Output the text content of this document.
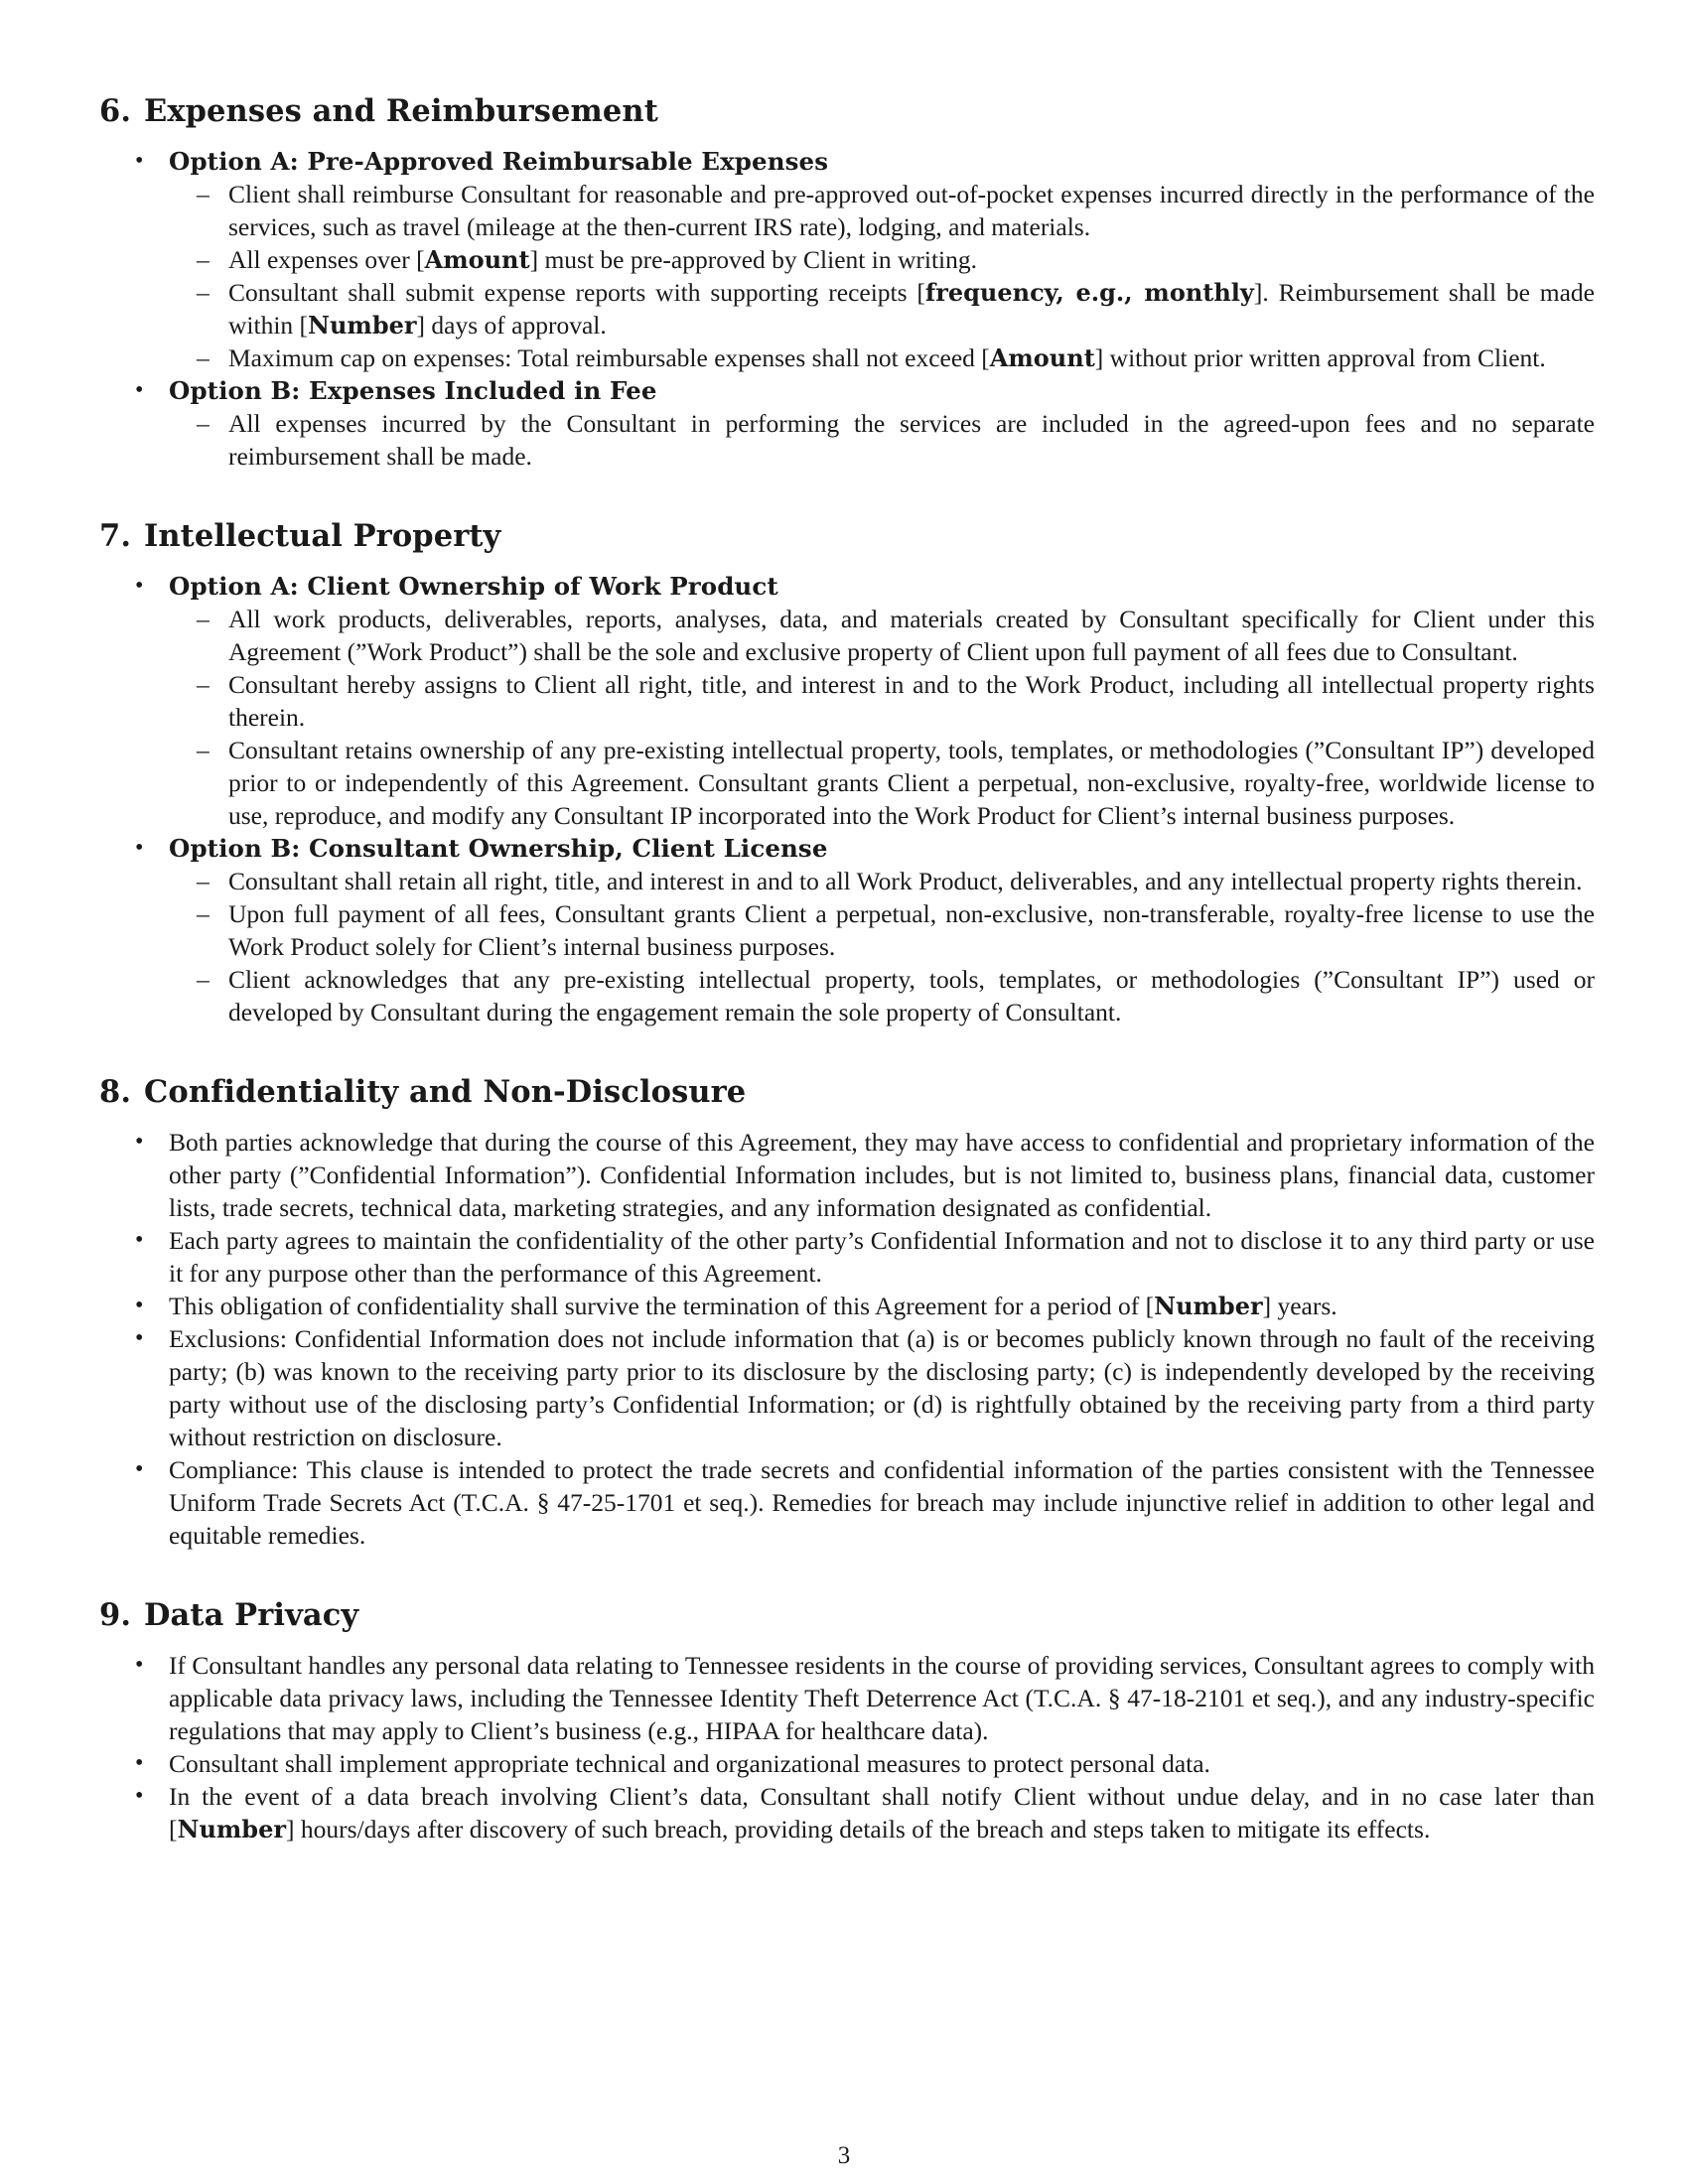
6. Expenses and Reimbursement
• Option A: Pre-Approved Reimbursable Expenses
– Client shall reimburse Consultant for reasonable and pre-approved out-of-pocket expenses incurred directly in the performance of the services, such as travel (mileage at the then-current IRS rate), lodging, and materials.
– All expenses over [Amount] must be pre-approved by Client in writing.
– Consultant shall submit expense reports with supporting receipts [frequency, e.g., monthly]. Reimbursement shall be made within [Number] days of approval.
– Maximum cap on expenses: Total reimbursable expenses shall not exceed [Amount] without prior written approval from Client.
• Option B: Expenses Included in Fee
– All expenses incurred by the Consultant in performing the services are included in the agreed-upon fees and no separate reimbursement shall be made.
7. Intellectual Property
• Option A: Client Ownership of Work Product
– All work products, deliverables, reports, analyses, data, and materials created by Consultant specifically for Client under this Agreement (”Work Product”) shall be the sole and exclusive property of Client upon full payment of all fees due to Consultant.
– Consultant hereby assigns to Client all right, title, and interest in and to the Work Product, including all intellectual property rights therein.
– Consultant retains ownership of any pre-existing intellectual property, tools, templates, or methodologies (”Consultant IP”) developed prior to or independently of this Agreement. Consultant grants Client a perpetual, non-exclusive, royalty-free, worldwide license to use, reproduce, and modify any Consultant IP incorporated into the Work Product for Client’s internal business purposes.
• Option B: Consultant Ownership, Client License
– Consultant shall retain all right, title, and interest in and to all Work Product, deliverables, and any intellectual property rights therein.
– Upon full payment of all fees, Consultant grants Client a perpetual, non-exclusive, non-transferable, royalty-free license to use the Work Product solely for Client’s internal business purposes.
– Client acknowledges that any pre-existing intellectual property, tools, templates, or methodologies (”Consultant IP”) used or developed by Consultant during the engagement remain the sole property of Consultant.
8. Confidentiality and Non-Disclosure
• Both parties acknowledge that during the course of this Agreement, they may have access to confidential and proprietary information of the other party (”Confidential Information”). Confidential Information includes, but is not limited to, business plans, financial data, customer lists, trade secrets, technical data, marketing strategies, and any information designated as confidential.
• Each party agrees to maintain the confidentiality of the other party’s Confidential Information and not to disclose it to any third party or use it for any purpose other than the performance of this Agreement.
• This obligation of confidentiality shall survive the termination of this Agreement for a period of [Number] years.
• Exclusions: Confidential Information does not include information that (a) is or becomes publicly known through no fault of the receiving party; (b) was known to the receiving party prior to its disclosure by the disclosing party; (c) is independently developed by the receiving party without use of the disclosing party’s Confidential Information; or (d) is rightfully obtained by the receiving party from a third party without restriction on disclosure.
• Compliance: This clause is intended to protect the trade secrets and confidential information of the parties consistent with the Tennessee Uniform Trade Secrets Act (T.C.A. § 47-25-1701 et seq.). Remedies for breach may include injunctive relief in addition to other legal and equitable remedies.
9. Data Privacy
• If Consultant handles any personal data relating to Tennessee residents in the course of providing services, Consultant agrees to comply with applicable data privacy laws, including the Tennessee Identity Theft Deterrence Act (T.C.A. § 47-18-2101 et seq.), and any industry-specific regulations that may apply to Client’s business (e.g., HIPAA for healthcare data).
• Consultant shall implement appropriate technical and organizational measures to protect personal data.
• In the event of a data breach involving Client’s data, Consultant shall notify Client without undue delay, and in no case later than [Number] hours/days after discovery of such breach, providing details of the breach and steps taken to mitigate its effects.
3
